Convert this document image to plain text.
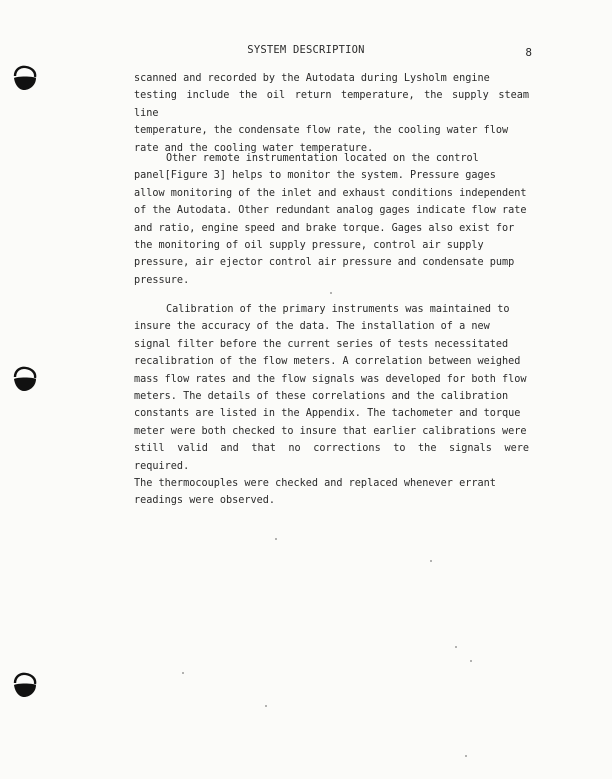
SYSTEM DESCRIPTION	8
scanned and recorded by the Autodata during Lysholm engine
testing include the oil return temperature, the supply steam line
temperature, the condensate flow rate, the cooling water flow
rate and the cooling water temperature.
Other remote instrumentation located on the control
panel[Figure 3] helps to monitor the system. Pressure gages
allow monitoring of the inlet and exhaust conditions independent
of the Autodata. Other redundant analog gages indicate flow rate
and ratio, engine speed and brake torque. Gages also exist for
the monitoring of oil supply pressure, control air supply
pressure, air ejector control air pressure and condensate pump
pressure.
Calibration of the primary instruments was maintained to
insure the accuracy of the data. The installation of a new
signal filter before the current series of tests necessitated
recalibration of the flow meters. A correlation between weighed
mass flow rates and the flow signals was developed for both flow
meters. The details of these correlations and the calibration
constants are listed in the Appendix. The tachometer and torque
meter were both checked to insure that earlier calibrations were
still valid and that no corrections to the signals were required.
The thermocouples were checked and replaced whenever errant
readings were observed.
